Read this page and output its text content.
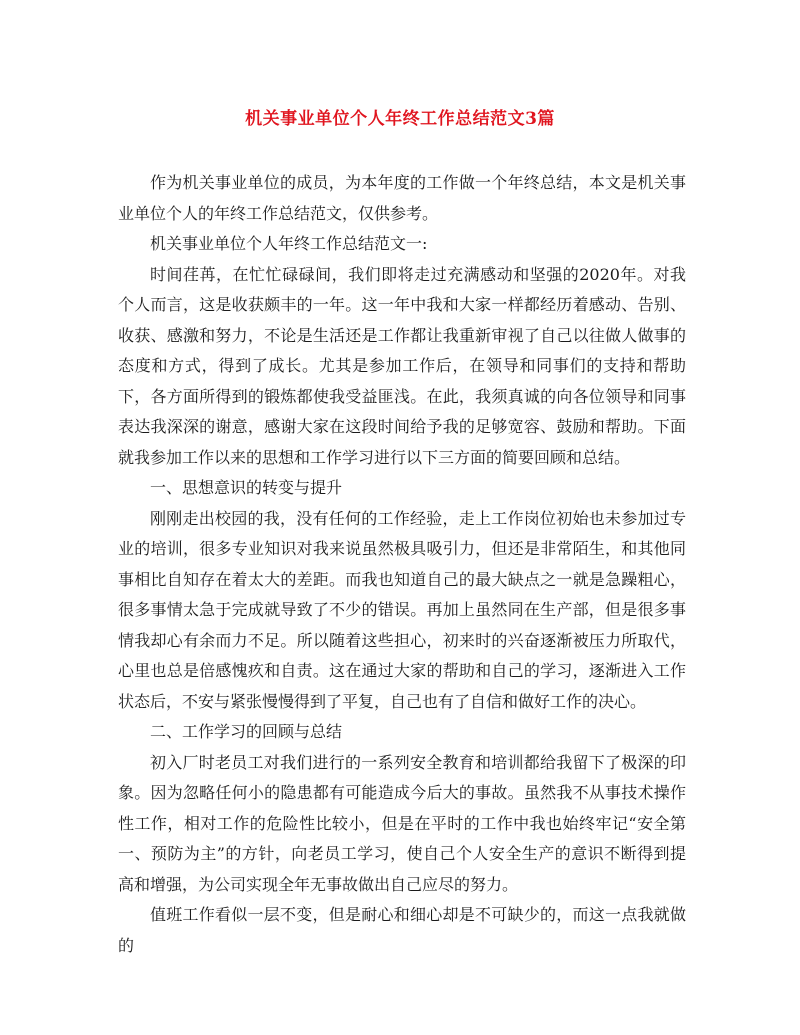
机关事业单位个人年终工作总结范文3篇

作为机关事业单位的成员，为本年度的工作做一个年终总结，本文是机关事业单位个人的年终工作总结范文，仅供参考。

机关事业单位个人年终工作总结范文一:

时间荏苒，在忙忙碌碌间，我们即将走过充满感动和坚强的2020年。对我个人而言，这是收获颇丰的一年。这一年中我和大家一样都经历着感动、告别、收获、感激和努力，不论是生活还是工作都让我重新审视了自己以往做人做事的态度和方式，得到了成长。尤其是参加工作后，在领导和同事们的支持和帮助下，各方面所得到的锻炼都使我受益匪浅。在此，我须真诚的向各位领导和同事表达我深深的谢意，感谢大家在这段时间给予我的足够宽容、鼓励和帮助。下面就我参加工作以来的思想和工作学习进行以下三方面的简要回顾和总结。

一、思想意识的转变与提升

刚刚走出校园的我，没有任何的工作经验，走上工作岗位初始也未参加过专业的培训，很多专业知识对我来说虽然极具吸引力，但还是非常陌生，和其他同事相比自知存在着太大的差距。而我也知道自己的最大缺点之一就是急躁粗心，很多事情太急于完成就导致了不少的错误。再加上虽然同在生产部，但是很多事情我却心有余而力不足。所以随着这些担心，初来时的兴奋逐渐被压力所取代，心里也总是倍感愧疚和自责。这在通过大家的帮助和自己的学习，逐渐进入工作状态后，不安与紧张慢慢得到了平复，自己也有了自信和做好工作的决心。

二、工作学习的回顾与总结

初入厂时老员工对我们进行的一系列安全教育和培训都给我留下了极深的印象。因为忽略任何小的隐患都有可能造成今后大的事故。虽然我不从事技术操作性工作，相对工作的危险性比较小，但是在平时的工作中我也始终牢记“安全第一、预防为主”的方针，向老员工学习，使自己个人安全生产的意识不断得到提高和增强，为公司实现全年无事故做出自己应尽的努力。

值班工作看似一层不变，但是耐心和细心却是不可缺少的，而这一点我就做的
